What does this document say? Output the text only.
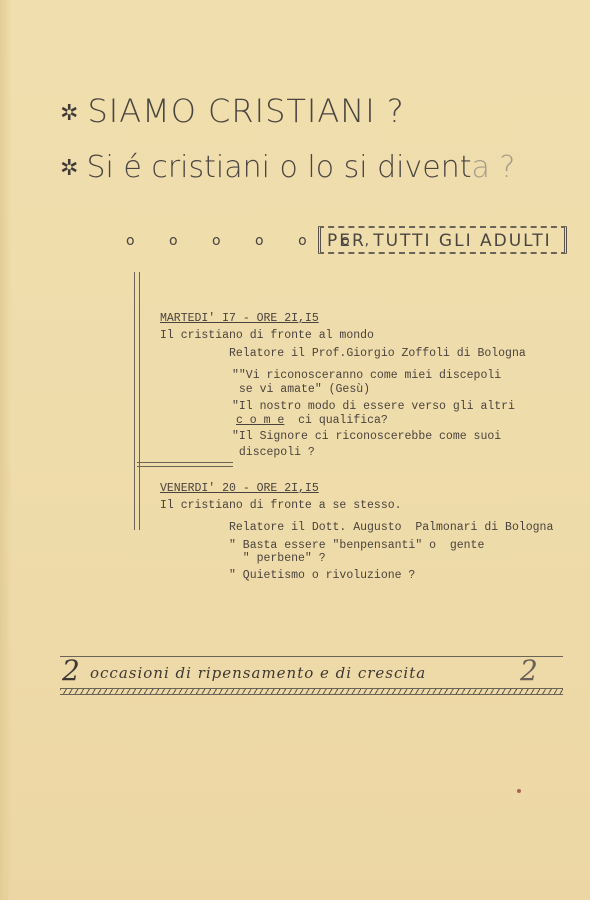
✲ SIAMO CRISTIANI ?
✲ Si é cristiani o lo si diventa ?
o o o o o o,
PER TUTTI GLI ADULTI
MARTEDI' I7 - ORE 2I,I5
Il cristiano di fronte al mondo
Relatore il Prof.Giorgio Zoffoli di Bologna
""Vi riconosceranno come miei discepoli
se vi amate" (Gesù)
"Il nostro modo di essere verso gli altri
c o m e  ci qualifica?
"Il Signore ci riconoscerebbe come suoi
discepoli ?
VENERDI' 20 - ORE 2I,I5
Il cristiano di fronte a se stesso.
Relatore il Dott. Augusto  Palmonari di Bologna
" Basta essere "benpensanti" o  gente
" perbene" ?
" Quietismo o rivoluzione ?
2 occasioni di ripensamento e di crescita	2
